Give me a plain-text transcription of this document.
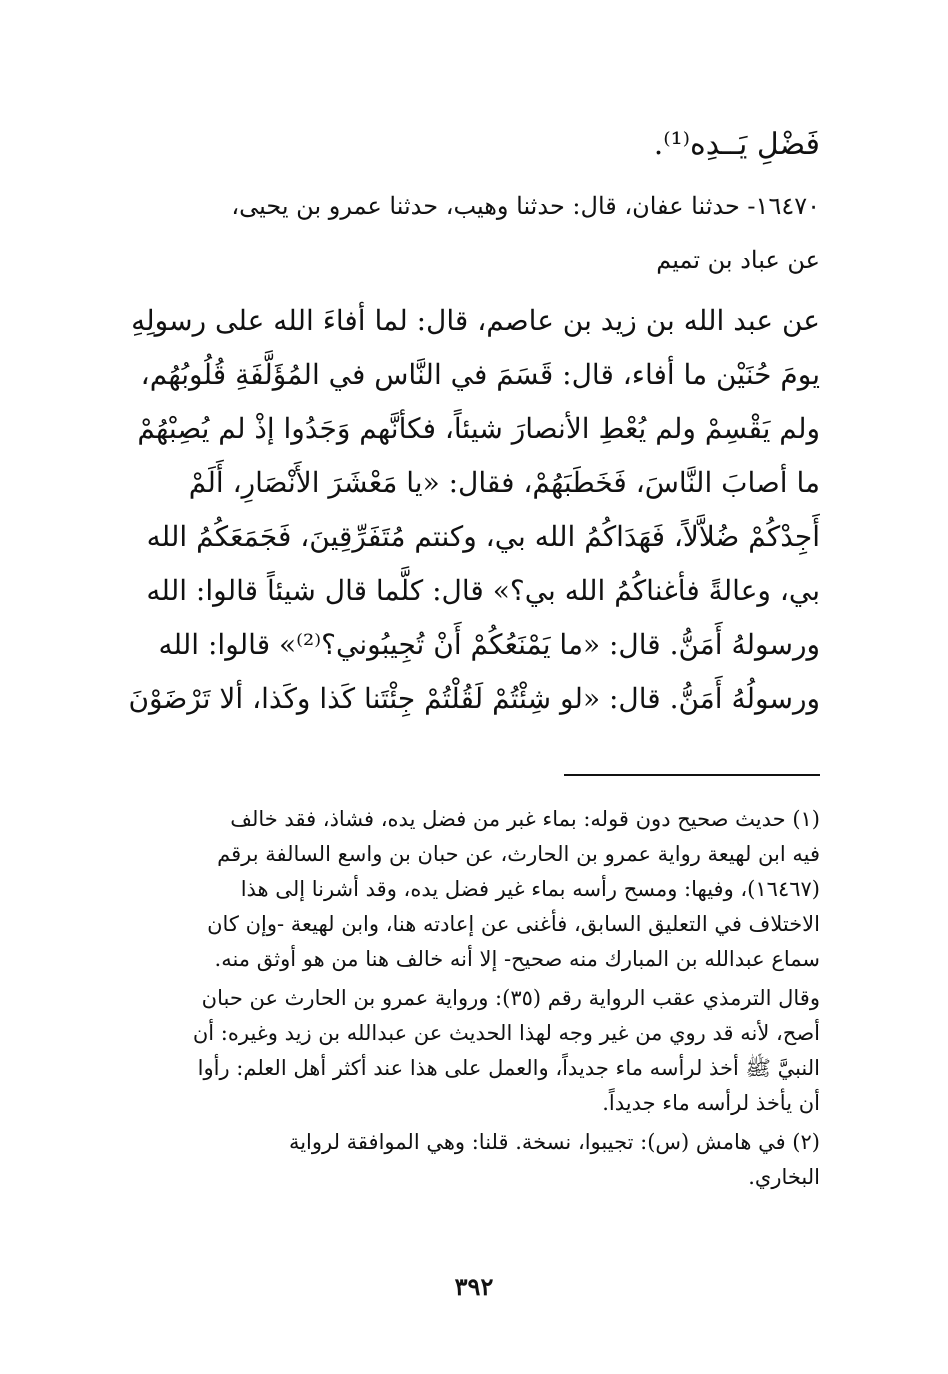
فَضْلِ يَــدِه⁽¹⁾.
١٦٤٧٠- حدثنا عفان، قال: حدثنا وهيب، حدثنا عمرو بن يحيى،
عن عباد بن تميم
عن عبد الله بن زيد بن عاصم، قال: لما أفاءَ الله على رسولِهِ
يومَ حُنَيْن ما أفاء، قال: قَسَمَ في النَّاس في المُؤَلَّفَةِ قُلُوبُهُم،
ولم يَقْسِمْ ولم يُعْطِ الأنصارَ شيئاً، فكأنَّهم وَجَدُوا إذْ لم يُصِبْهُمْ
ما أصابَ النَّاسَ، فَخَطَبَهُمْ، فقال: «يا مَعْشَرَ الأَنْصَارِ، أَلَمْ
أَجِدْكُمْ ضُلاَّلاً، فَهَدَاكُمُ الله بي، وكنتم مُتَفَرِّقِينَ، فَجَمَعَكُمُ الله
بي، وعالةً فأغناكُمُ الله بي؟» قال: كلَّما قال شيئاً قالوا: الله
ورسولهُ أَمَنُّ. قال: «ما يَمْنَعُكُمْ أَنْ تُجِيبُوني؟⁽²⁾» قالوا: الله
ورسولُهُ أَمَنُّ. قال: «لو شِئْتُمْ لَقُلْتُمْ جِئْتَنا كَذا وكَذا، ألا تَرْضَوْنَ
(١) حديث صحيح دون قوله: بماء غبر من فضل يده، فشاذ، فقد خالف
فيه ابن لهيعة رواية عمرو بن الحارث، عن حبان بن واسع السالفة برقم
(١٦٤٦٧)، وفيها: ومسح رأسه بماء غير فضل يده، وقد أشرنا إلى هذا
الاختلاف في التعليق السابق، فأغنى عن إعادته هنا، وابن لهيعة -وإن كان
سماع عبدالله بن المبارك منه صحيح- إلا أنه خالف هنا من هو أوثق منه.
وقال الترمذي عقب الرواية رقم (٣٥): ورواية عمرو بن الحارث عن حبان
أصح، لأنه قد روي من غير وجه لهذا الحديث عن عبدالله بن زيد وغيره: أن
النبيَّ ﷺ أخذ لرأسه ماء جديداً، والعمل على هذا عند أكثر أهل العلم: رأوا
أن يأخذ لرأسه ماء جديداً.
(٢) في هامش (س): تجيبوا، نسخة. قلنا: وهي الموافقة لرواية
البخاري.
٣٩٢
